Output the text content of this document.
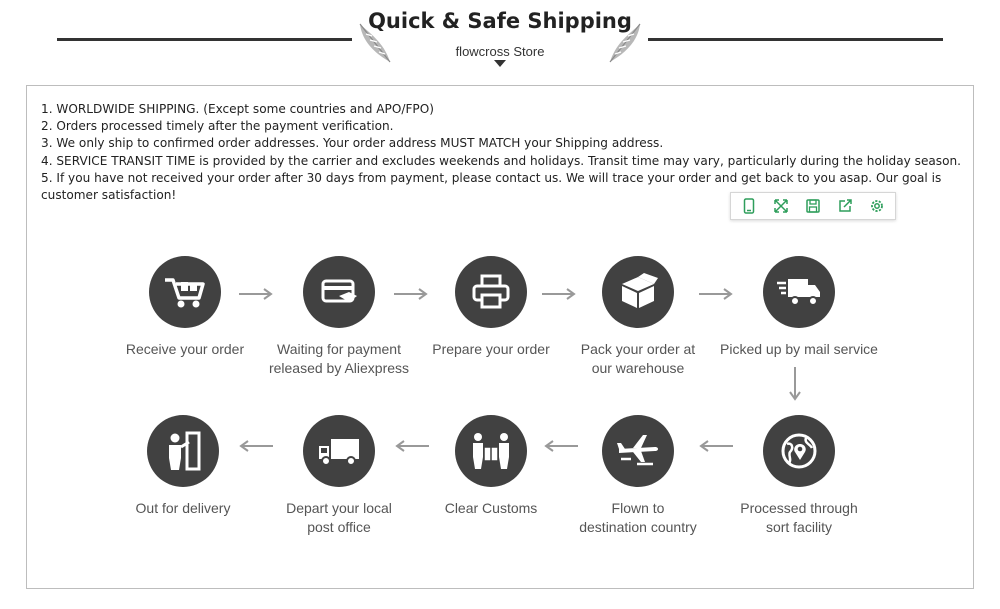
Quick & Safe Shipping
flowcross Store
1. WORLDWIDE SHIPPING. (Except some countries and APO/FPO)
2. Orders processed timely after the payment verification.
3. We only ship to confirmed order addresses. Your order address MUST MATCH your Shipping address.
4. SERVICE TRANSIT TIME is provided by the carrier and excludes weekends and holidays. Transit time may vary, particularly during the holiday season.
5. If you have not received your order after 30 days from payment, please contact us. We will trace your order and get back to you asap. Our goal is customer satisfaction!
Receive your order	Waiting for payment
released by Aliexpress
Prepare your order	Pack your order at
our warehouse
Picked up by mail service
Processed through
sort facility
Flown to
destination country
Clear Customs
Depart your local
post office
Out for delivery
